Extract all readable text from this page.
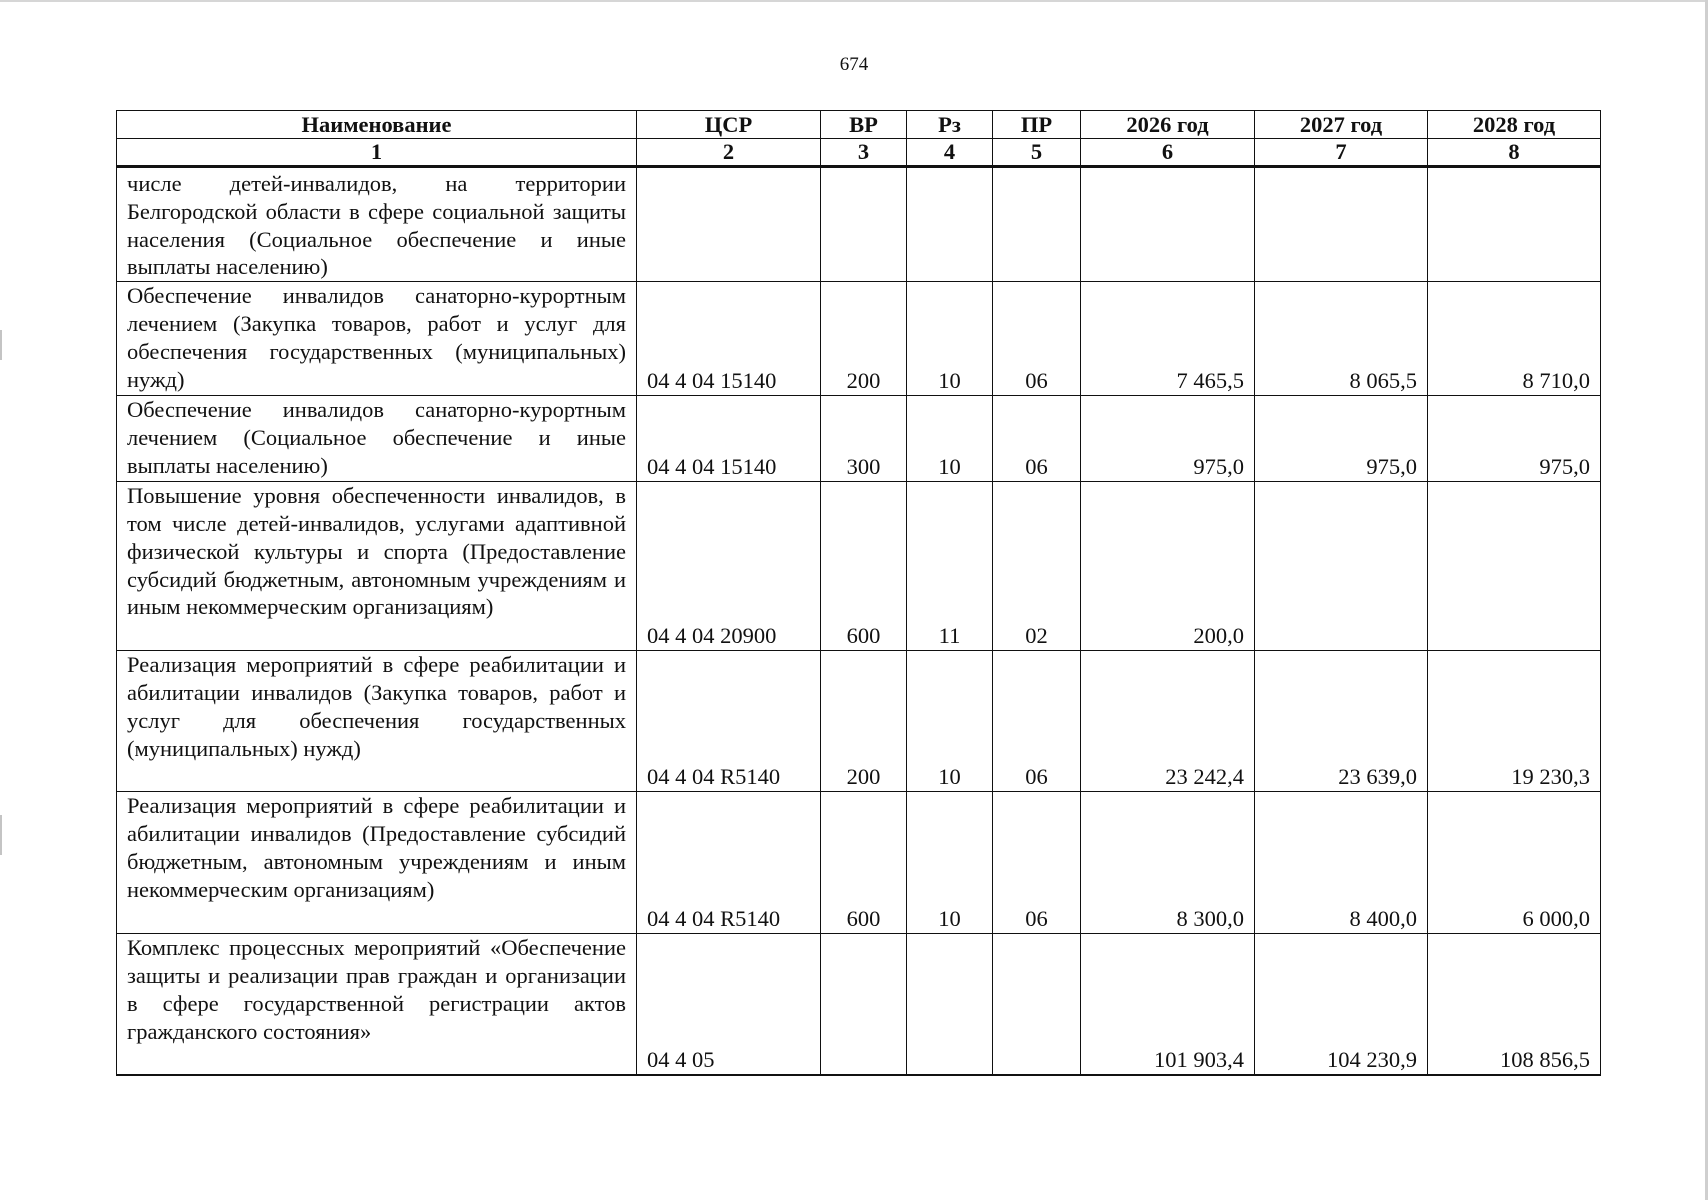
674
Наименование	ЦСР	ВР	Рз	ПР	2026 год	2027 год	2028 год
1	2	3	4	5	6	7	8
числе детей-инвалидов, на территории Белгородской области в сфере социальной защиты населения (Социальное обеспечение и иные выплаты населению)							
Обеспечение инвалидов санаторно-курортным лечением (Закупка товаров, работ и услуг для обеспечения государственных (муниципальных) нужд)	04 4 04 15140	200	10	06	7 465,5	8 065,5	8 710,0
Обеспечение инвалидов санаторно-курортным лечением (Социальное обеспечение и иные выплаты населению)	04 4 04 15140	300	10	06	975,0	975,0	975,0
Повышение уровня обеспеченности инвалидов, в том числе детей-инвалидов, услугами адаптивной физической культуры и спорта (Предоставление субсидий бюджетным, автономным учреждениям и иным некоммерческим организациям)	04 4 04 20900	600	11	02	200,0		
Реализация мероприятий в сфере реабилитации и абилитации инвалидов (Закупка товаров, работ и услуг для обеспечения государственных (муниципальных) нужд)	04 4 04 R5140	200	10	06	23 242,4	23 639,0	19 230,3
Реализация мероприятий в сфере реабилитации и абилитации инвалидов (Предоставление субсидий бюджетным, автономным учреждениям и иным некоммерческим организациям)	04 4 04 R5140	600	10	06	8 300,0	8 400,0	6 000,0
Комплекс процессных мероприятий «Обеспечение защиты и реализации прав граждан и организации в сфере государственной регистрации актов гражданского состояния»	04 4 05				101 903,4	104 230,9	108 856,5
